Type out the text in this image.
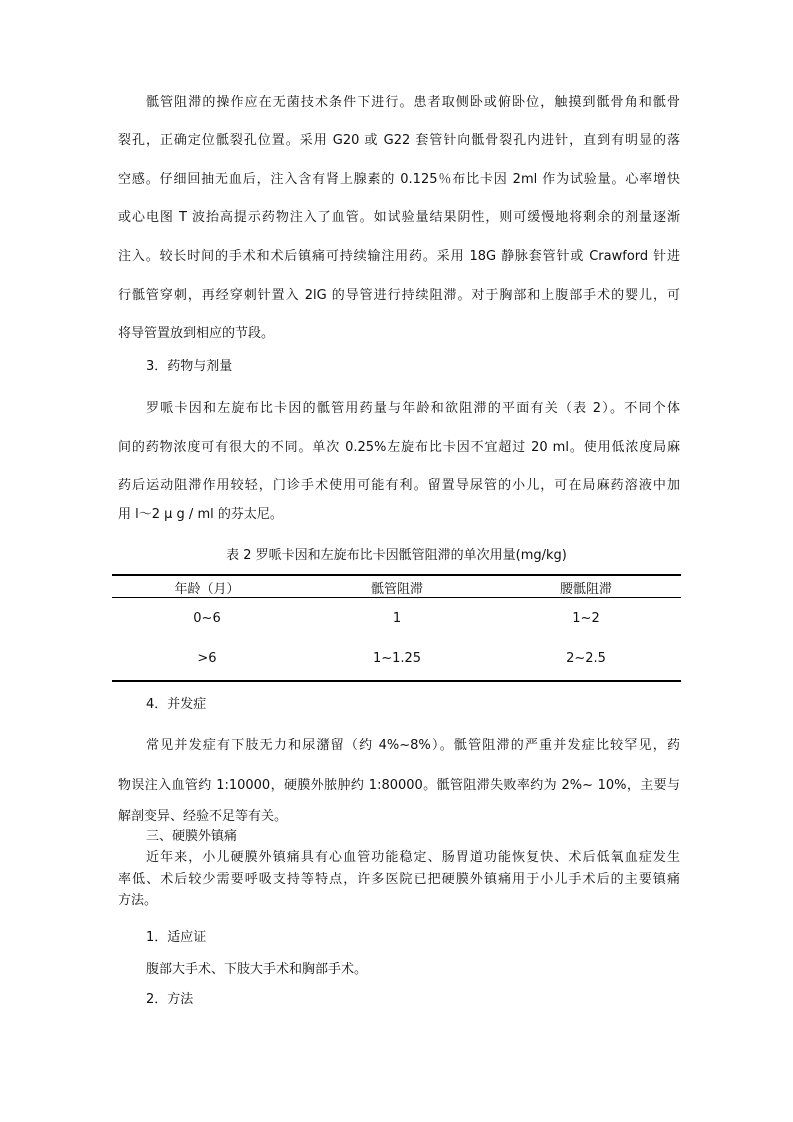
骶管阻滞的操作应在无菌技术条件下进行。患者取侧卧或俯卧位，触摸到骶骨角和骶骨
裂孔，正确定位骶裂孔位置。采用 G20 或 G22 套管针向骶骨裂孔内进针，直到有明显的落
空感。仔细回抽无血后，注入含有肾上腺素的 0.125％布比卡因 2ml 作为试验量。心率增快
或心电图 T 波抬高提示药物注入了血管。如试验量结果阴性，则可缓慢地将剩余的剂量逐渐
注入。较长时间的手术和术后镇痛可持续输注用药。采用 18G 静脉套管针或 Crawford 针进
行骶管穿刺，再经穿刺针置入 2lG 的导管进行持续阻滞。对于胸部和上腹部手术的婴儿，可
将导管置放到相应的节段。
3．药物与剂量
罗哌卡因和左旋布比卡因的骶管用药量与年龄和欲阻滞的平面有关（表 2）。不同个体
间的药物浓度可有很大的不同。单次 0.25%左旋布比卡因不宜超过 20 ml。使用低浓度局麻
药后运动阻滞作用较轻，门诊手术使用可能有利。留置导尿管的小儿，可在局麻药溶液中加
用 l～2 μ g / ml 的芬太尼。
表 2 罗哌卡因和左旋布比卡因骶管阻滞的单次用量(mg/kg)
年龄（月）	骶管阻滞	腰骶阻滞
0~6	1	1~2
>6	1~1.25	2~2.5
4．并发症
常见并发症有下肢无力和尿潴留（约 4%~8%）。骶管阻滞的严重并发症比较罕见，药
物误注入血管约 1:10000，硬膜外脓肿约 1:80000。骶管阻滞失败率约为 2%~ 10%，主要与
解剖变异、经验不足等有关。
三、硬膜外镇痛
近年来，小儿硬膜外镇痛具有心血管功能稳定、肠胃道功能恢复快、术后低氧血症发生
率低、术后较少需要呼吸支持等特点，许多医院已把硬膜外镇痛用于小儿手术后的主要镇痛
方法。
1．适应证
腹部大手术、下肢大手术和胸部手术。
2．方法
